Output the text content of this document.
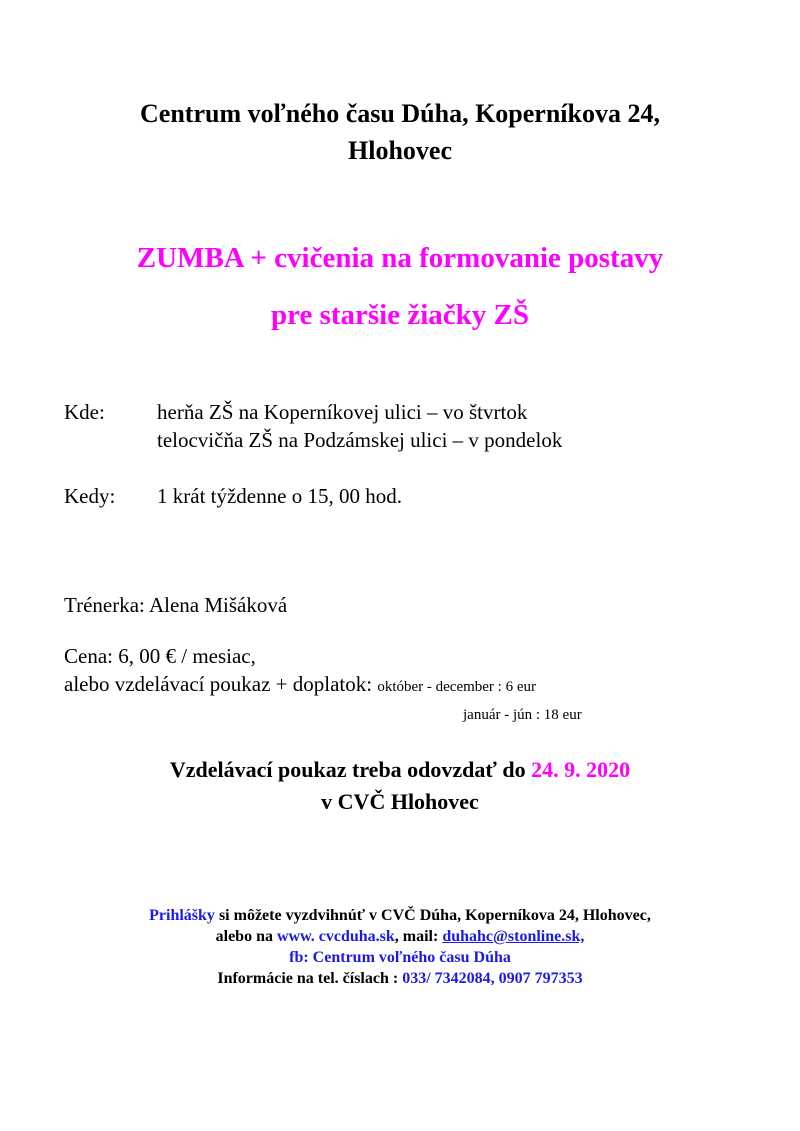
Centrum voľného času Dúha, Koperníkova 24,
Hlohovec
ZUMBA + cvičenia na formovanie postavy
pre staršie žiačky ZŠ
Kde:	herňa ZŠ na Koperníkovej ulici – vo štvrtok
telocvičňa ZŠ na Podzámskej ulici – v pondelok
Kedy:	1 krát týždenne o 15, 00 hod.
Trénerka: Alena Mišáková
Cena: 6, 00 € / mesiac,
alebo vzdelávací poukaz + doplatok: október - december : 6 eur
január - jún : 18 eur
Vzdelávací poukaz treba odovzdať do 24. 9. 2020
v CVČ Hlohovec
Prihlášky si môžete vyzdvihnúť v CVČ Dúha, Koperníkova 24, Hlohovec,
alebo na www. cvcduha.sk, mail: duhahc@stonline.sk,
fb: Centrum voľného času Dúha
Informácie na tel. číslach : 033/ 7342084, 0907 797353
